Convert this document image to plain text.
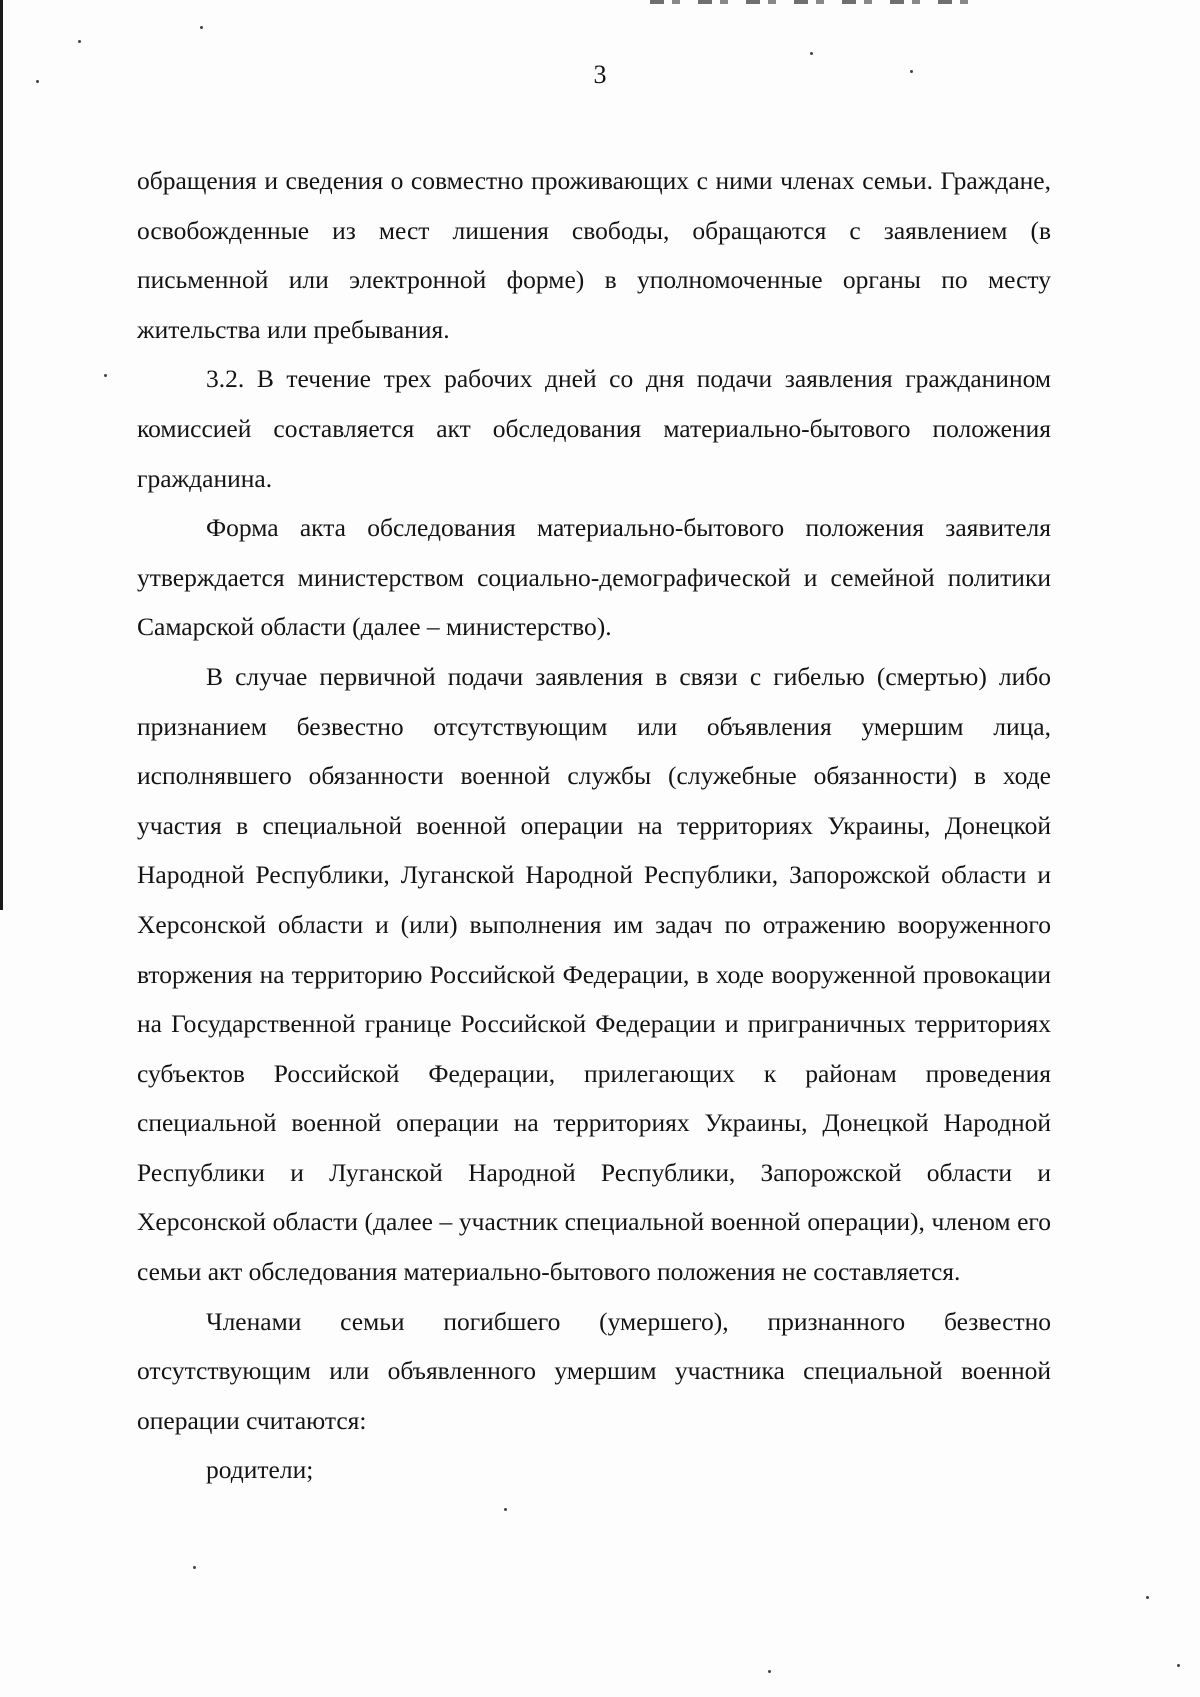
3

обращения и сведения о совместно проживающих с ними членах семьи. Граждане, освобожденные из мест лишения свободы, обращаются с заявлением (в письменной или электронной форме) в уполномоченные органы по месту жительства или пребывания.

3.2. В течение трех рабочих дней со дня подачи заявления гражданином комиссией составляется акт обследования материально-бытового положения гражданина.

Форма акта обследования материально-бытового положения заявителя утверждается министерством социально-демографической и семейной политики Самарской области (далее – министерство).

В случае первичной подачи заявления в связи с гибелью (смертью) либо признанием безвестно отсутствующим или объявления умершим лица, исполнявшего обязанности военной службы (служебные обязанности) в ходе участия в специальной военной операции на территориях Украины, Донецкой Народной Республики, Луганской Народной Республики, Запорожской области и Херсонской области и (или) выполнения им задач по отражению вооруженного вторжения на территорию Российской Федерации, в ходе вооруженной провокации на Государственной границе Российской Федерации и приграничных территориях субъектов Российской Федерации, прилегающих к районам проведения специальной военной операции на территориях Украины, Донецкой Народной Республики и Луганской Народной Республики, Запорожской области и Херсонской области (далее – участник специальной военной операции), членом его семьи акт обследования материально-бытового положения не составляется.

Членами семьи погибшего (умершего), признанного безвестно отсутствующим или объявленного умершим участника специальной военной операции считаются:

родители;
